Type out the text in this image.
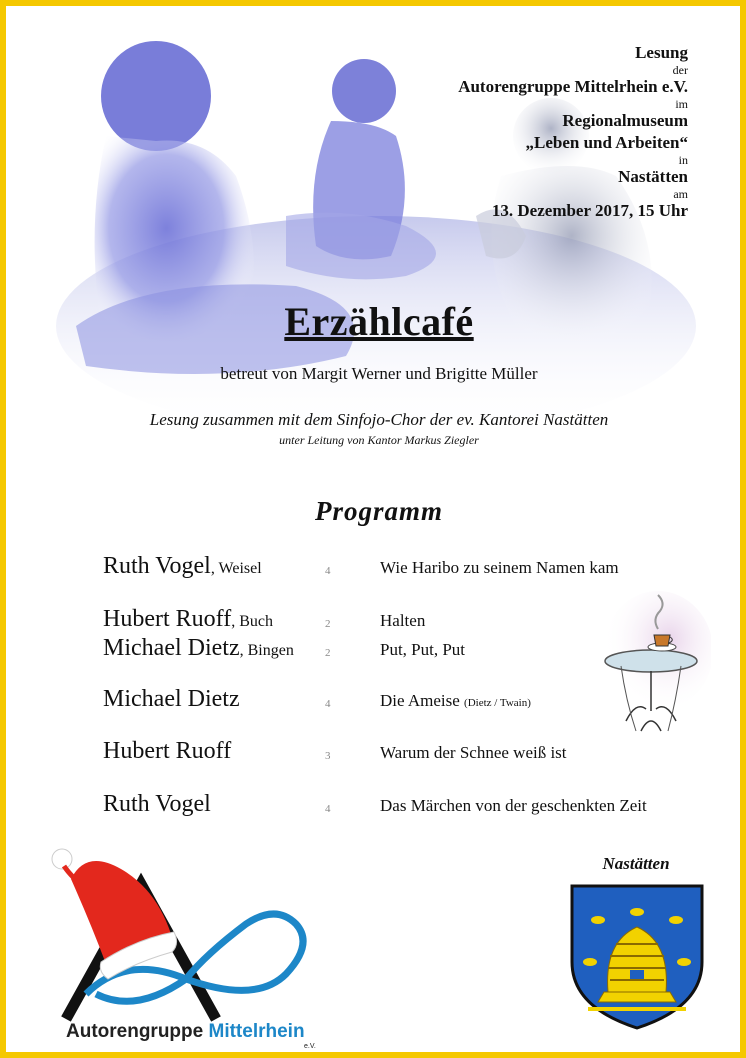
Lesung
der
Autorengruppe Mittelrhein e.V.
im
Regionalmuseum
„Leben und Arbeiten“
in
Nastätten
am
13. Dezember 2017, 15 Uhr
Erzählcafé
betreut von Margit Werner und Brigitte Müller
Lesung zusammen mit dem Sinfojo-Chor der ev. Kantorei Nastätten
unter Leitung von Kantor Markus Ziegler
Programm
Ruth Vogel, Weisel	4	Wie Haribo zu seinem Namen kam
Hubert Ruoff, Buch	2	Halten
Michael Dietz, Bingen	2	Put, Put, Put
Michael Dietz	4	Die Ameise (Dietz / Twain)
Hubert Ruoff	3	Warum der Schnee weiß ist
Ruth Vogel	4	Das Märchen von der geschenkten Zeit
Autorengruppe Mittelrhein
e.V.
Nastätten
